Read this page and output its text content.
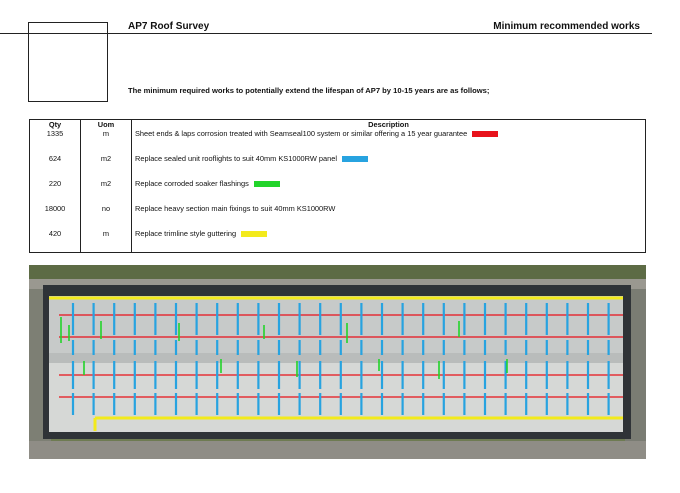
AP7 Roof Survey	Minimum recommended works
The minimum required works to potentially extend the lifespan of AP7 by 10-15 years are as follows;
Qty	Uom	Description
1335	m	Sheet ends & laps corrosion treated with Seamseal100 system or similar offering a 15 year guarantee
624	m2	Replace sealed unit rooflights to suit 40mm KS1000RW panel
220	m2	Replace corroded soaker flashings
18000	no	Replace heavy section main fixings to suit 40mm KS1000RW
420	m	Replace trimline style guttering
